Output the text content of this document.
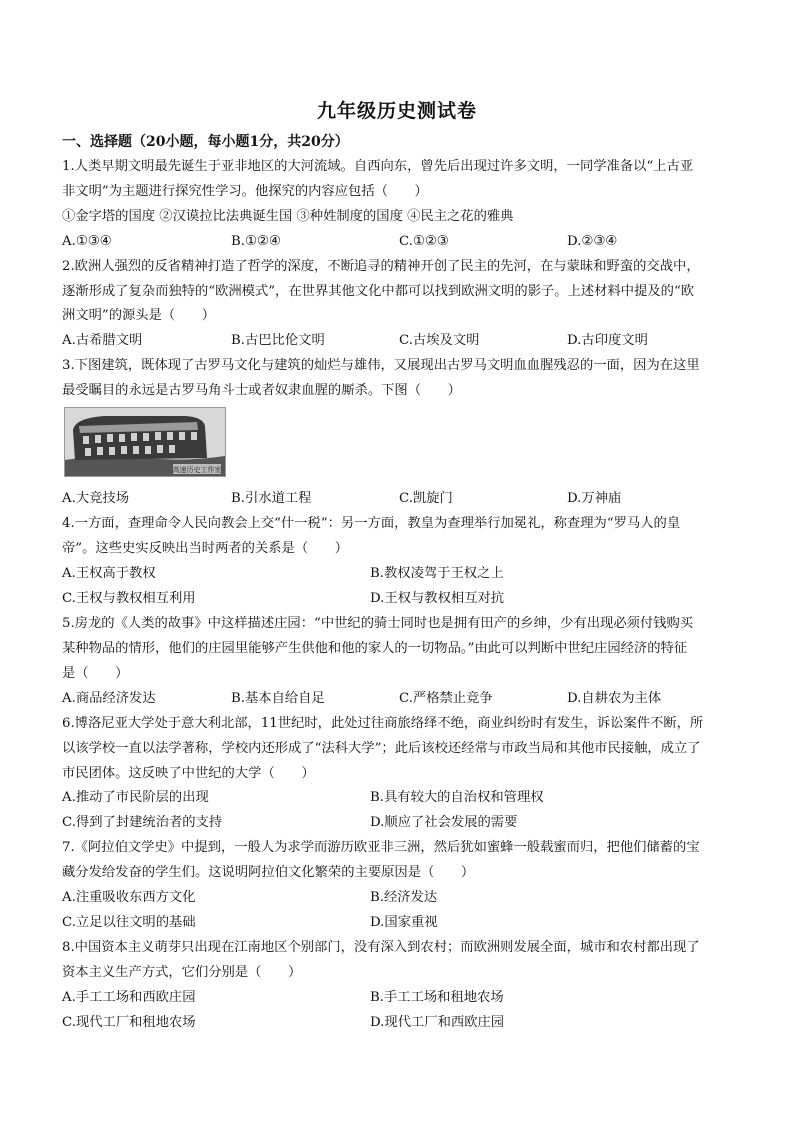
九年级历史测试卷
一、选择题（20小题，每小题1分，共20分）
1.人类早期文明最先诞生于亚非地区的大河流域。自西向东，曾先后出现过许多文明，一同学准备以“上古亚
非文明”为主题进行探究性学习。他探究的内容应包括（　　）
①金字塔的国度 ②汉谟拉比法典诞生国 ③种姓制度的国度 ④民主之花的雅典
A.①③④	B.①②④	C.①②③	D.②③④
2.欧洲人强烈的反省精神打造了哲学的深度，不断追寻的精神开创了民主的先河，在与蒙昧和野蛮的交战中，
逐渐形成了复杂而独特的“欧洲模式”，在世界其他文化中都可以找到欧洲文明的影子。上述材料中提及的“欧
洲文明”的源头是（　　）
A.古希腊文明	B.古巴比伦文明	C.古埃及文明	D.古印度文明
3.下图建筑，既体现了古罗马文化与建筑的灿烂与雄伟，又展现出古罗马文明血血腥残忍的一面，因为在这里
最受瞩目的永远是古罗马角斗士或者奴隶血腥的厮杀。下图（　　）
高速历史工作室
A.大竞技场	B.引水道工程	C.凯旋门	D.万神庙
4.一方面，查理命令人民向教会上交“什一税”：另一方面，教皇为查理举行加冕礼，称查理为“罗马人的皇
帝”。这些史实反映出当时两者的关系是（　　）
A.王权高于教权	B.教权凌驾于王权之上
C.王权与教权相互利用	D.王权与教权相互对抗
5.房龙的《人类的故事》中这样描述庄园：“中世纪的骑士同时也是拥有田产的乡绅，少有出现必须付钱购买
某种物品的情形，他们的庄园里能够产生供他和他的家人的一切物品。”由此可以判断中世纪庄园经济的特征
是（　　）
A.商品经济发达	B.基本自给自足	C.严格禁止竞争	D.自耕农为主体
6.博洛尼亚大学处于意大利北部，11世纪时，此处过往商旅络绎不绝，商业纠纷时有发生，诉讼案件不断，所
以该学校一直以法学著称，学校内还形成了“法科大学”；此后该校还经常与市政当局和其他市民接触，成立了
市民团体。这反映了中世纪的大学（　　）
A.推动了市民阶层的出现	B.具有较大的自治权和管理权
C.得到了封建统治者的支持	D.顺应了社会发展的需要
7.《阿拉伯文学史》中提到，一般人为求学而游历欧亚非三洲，然后犹如蜜蜂一般载蜜而归，把他们储蓄的宝
藏分发给发奋的学生们。这说明阿拉伯文化繁荣的主要原因是（　　）
A.注重吸收东西方文化	B.经济发达
C.立足以往文明的基础	D.国家重视
8.中国资本主义萌芽只出现在江南地区个别部门，没有深入到农村；而欧洲则发展全面，城市和农村都出现了
资本主义生产方式，它们分别是（　　）
A.手工工场和西欧庄园	B.手工工场和租地农场
C.现代工厂和租地农场	D.现代工厂和西欧庄园
